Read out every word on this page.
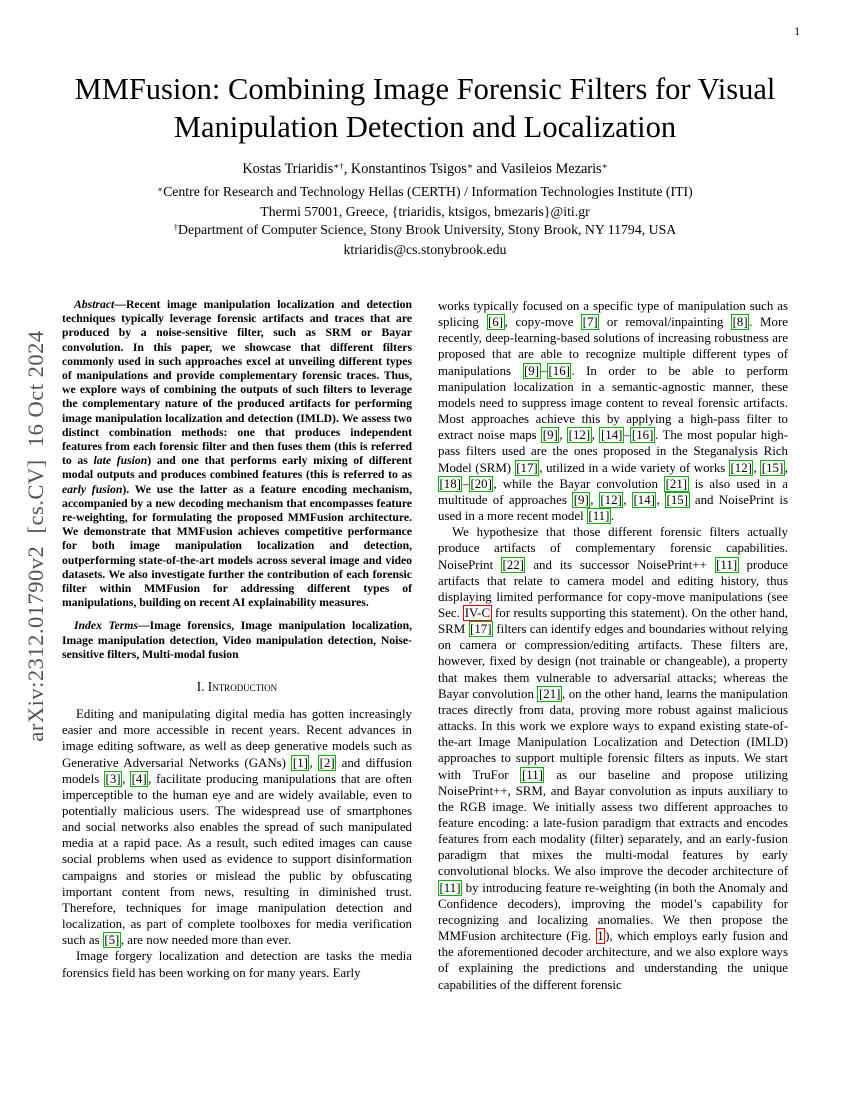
1
arXiv:2312.01790v2  [cs.CV]  16 Oct 2024
MMFusion: Combining Image Forensic Filters for Visual Manipulation Detection and Localization
Kostas Triaridis∗†, Konstantinos Tsigos∗ and Vasileios Mezaris∗
∗Centre for Research and Technology Hellas (CERTH) / Information Technologies Institute (ITI)
Thermi 57001, Greece, {triaridis, ktsigos, bmezaris}@iti.gr
†Department of Computer Science, Stony Brook University, Stony Brook, NY 11794, USA
ktriaridis@cs.stonybrook.edu

Abstract—Recent image manipulation localization and detection techniques typically leverage forensic artifacts and traces that are produced by a noise-sensitive filter, such as SRM or Bayar convolution. In this paper, we showcase that different filters commonly used in such approaches excel at unveiling different types of manipulations and provide complementary forensic traces. Thus, we explore ways of combining the outputs of such filters to leverage the complementary nature of the produced artifacts for performing image manipulation localization and detection (IMLD). We assess two distinct combination methods: one that produces independent features from each forensic filter and then fuses them (this is referred to as late fusion) and one that performs early mixing of different modal outputs and produces combined features (this is referred to as early fusion). We use the latter as a feature encoding mechanism, accompanied by a new decoding mechanism that encompasses feature re-weighting, for formulating the proposed MMFusion architecture. We demonstrate that MMFusion achieves competitive performance for both image manipulation localization and detection, outperforming state-of-the-art models across several image and video datasets. We also investigate further the contribution of each forensic filter within MMFusion for addressing different types of manipulations, building on recent AI explainability measures.

Index Terms—Image forensics, Image manipulation localization, Image manipulation detection, Video manipulation detection, Noise-sensitive filters, Multi-modal fusion

I. Introduction

Editing and manipulating digital media has gotten increasingly easier and more accessible in recent years. Recent advances in image editing software, as well as deep generative models such as Generative Adversarial Networks (GANs) [1] , [2] and diffusion models [3] , [4] , facilitate producing manipulations that are often imperceptible to the human eye and are widely available, even to potentially malicious users. The widespread use of smartphones and social networks also enables the spread of such manipulated media at a rapid pace. As a result, such edited images can cause social problems when used as evidence to support disinformation campaigns and stories or mislead the public by obfuscating important content from news, resulting in diminished trust. Therefore, techniques for image manipulation detection and localization, as part of complete toolboxes for media verification such as [5] , are now needed more than ever.

Image forgery localization and detection are tasks the media forensics field has been working on for many years. Early

works typically focused on a specific type of manipulation such as splicing [6] , copy-move [7] or removal/inpainting [8] . More recently, deep-learning-based solutions of increasing robustness are proposed that are able to recognize multiple different types of manipulations [9] – [16] . In order to be able to perform manipulation localization in a semantic-agnostic manner, these models need to suppress image content to reveal forensic artifacts. Most approaches achieve this by applying a high-pass filter to extract noise maps [9] , [12] , [14] – [16] . The most popular high-pass filters used are the ones proposed in the Steganalysis Rich Model (SRM) [17] , utilized in a wide variety of works [12] , [15] , [18] – [20] , while the Bayar convolution [21] is also used in a multitude of approaches [9] , [12] , [14] , [15] and NoisePrint is used in a more recent model [11] .

We hypothesize that those different forensic filters actually produce artifacts of complementary forensic capabilities. NoisePrint [22] and its successor NoisePrint++ [11] produce artifacts that relate to camera model and editing history, thus displaying limited performance for copy-move manipulations (see Sec. IV-C for results supporting this statement). On the other hand, SRM [17] filters can identify edges and boundaries without relying on camera or compression/editing artifacts. These filters are, however, fixed by design (not trainable or changeable), a property that makes them vulnerable to adversarial attacks; whereas the Bayar convolution [21] , on the other hand, learns the manipulation traces directly from data, proving more robust against malicious attacks. In this work we explore ways to expand existing state-of-the-art Image Manipulation Localization and Detection (IMLD) approaches to support multiple forensic filters as inputs. We start with TruFor [11] as our baseline and propose utilizing NoisePrint++, SRM, and Bayar convolution as inputs auxiliary to the RGB image. We initially assess two different approaches to feature encoding: a late-fusion paradigm that extracts and encodes features from each modality (filter) separately, and an early-fusion paradigm that mixes the multi-modal features by early convolutional blocks. We also improve the decoder architecture of [11] by introducing feature re-weighting (in both the Anomaly and Confidence decoders), improving the model’s capability for recognizing and localizing anomalies. We then propose the MMFusion architecture (Fig. 1 ), which employs early fusion and the aforementioned decoder architecture, and we also explore ways of explaining the predictions and understanding the unique capabilities of the different forensic
